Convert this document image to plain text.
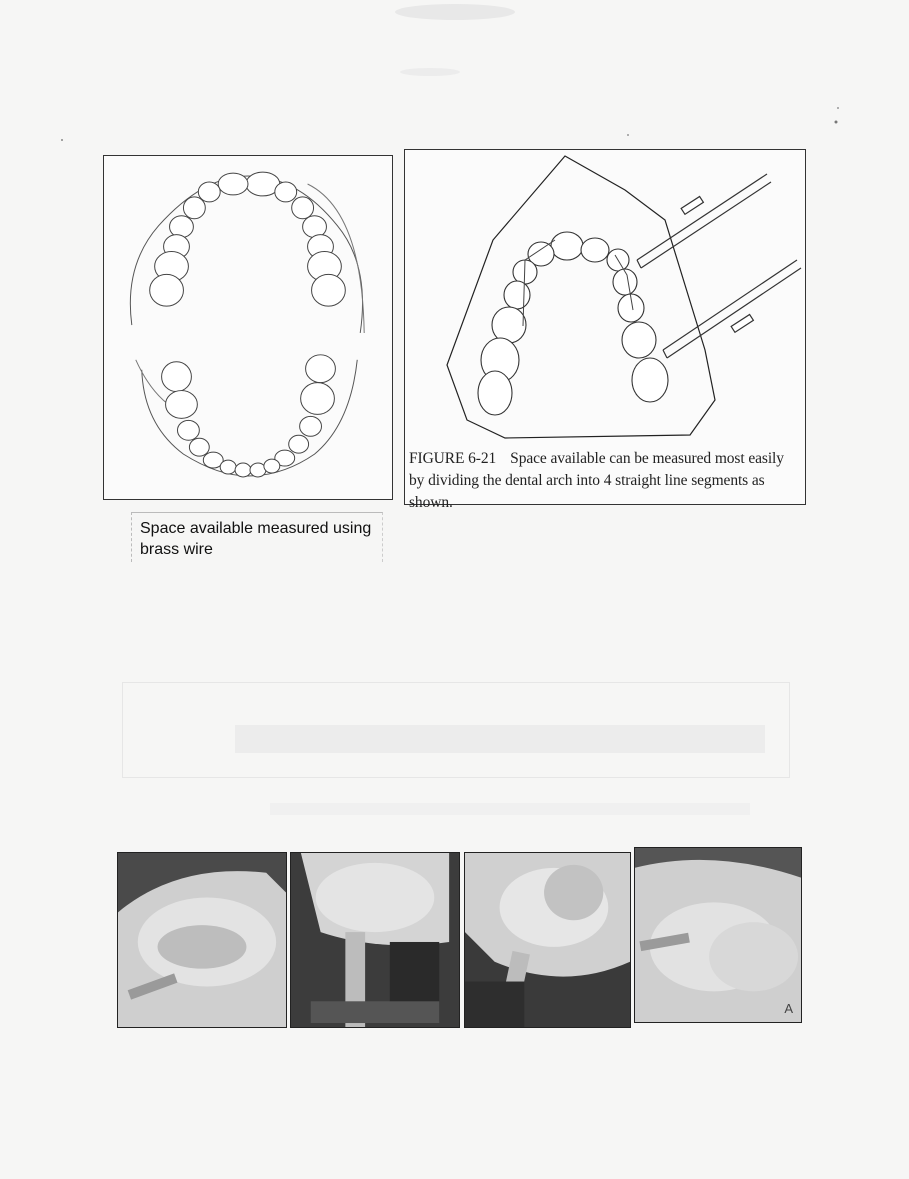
FIGURE 6-21 Space available can be measured most easily by dividing the dental arch into 4 straight line segments as shown.
Space available measured using brass wire
A
